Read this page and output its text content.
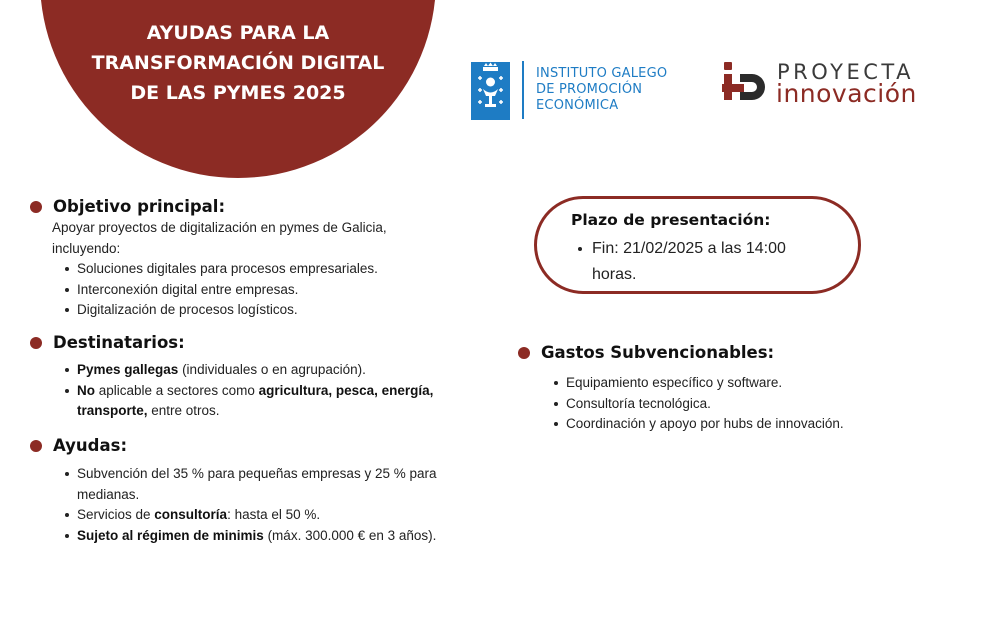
AYUDAS PARA LA
TRANSFORMACIÓN DIGITAL
DE LAS PYMES 2025
INSTITUTO GALEGO
DE PROMOCIÓN
ECONÓMICA
PROYECTA
innovación
Objetivo principal:
Apoyar proyectos de digitalización en pymes de Galicia, incluyendo:
Soluciones digitales para procesos empresariales.
Interconexión digital entre empresas.
Digitalización de procesos logísticos.
Destinatarios:
Pymes gallegas (individuales o en agrupación).
No aplicable a sectores como agricultura, pesca, energía, transporte, entre otros.
Ayudas:
Subvención del 35 % para pequeñas empresas y 25 % para medianas.
Servicios de consultoría: hasta el 50 %.
Sujeto al régimen de minimis (máx. 300.000 € en 3 años).
Plazo de presentación:
Fin: 21/02/2025 a las 14:00 horas.
Gastos Subvencionables:
Equipamiento específico y software.
Consultoría tecnológica.
Coordinación y apoyo por hubs de innovación.
